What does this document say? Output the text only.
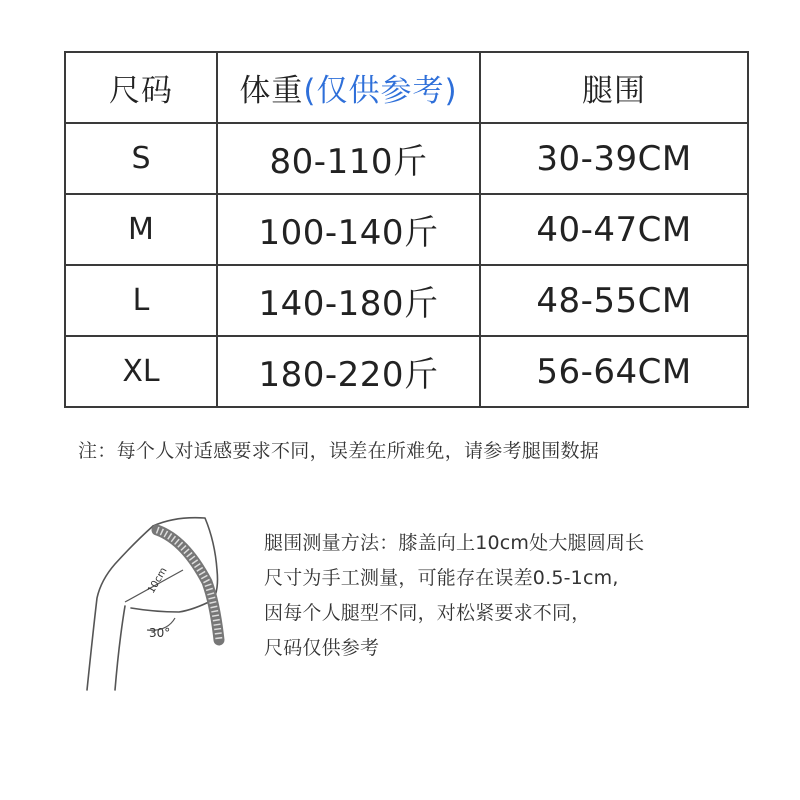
尺码	体重(仅供参考)	腿围
S	80-110斤	30-39CM
M	100-140斤	40-47CM
L	140-180斤	48-55CM
XL	180-220斤	56-64CM
注：每个人对适感要求不同，误差在所难免，请参考腿围数据
10cm
30°
腿围测量方法：膝盖向上10cm处大腿圆周长
尺寸为手工测量，可能存在误差0.5-1cm,
因每个人腿型不同，对松紧要求不同，
尺码仅供参考
